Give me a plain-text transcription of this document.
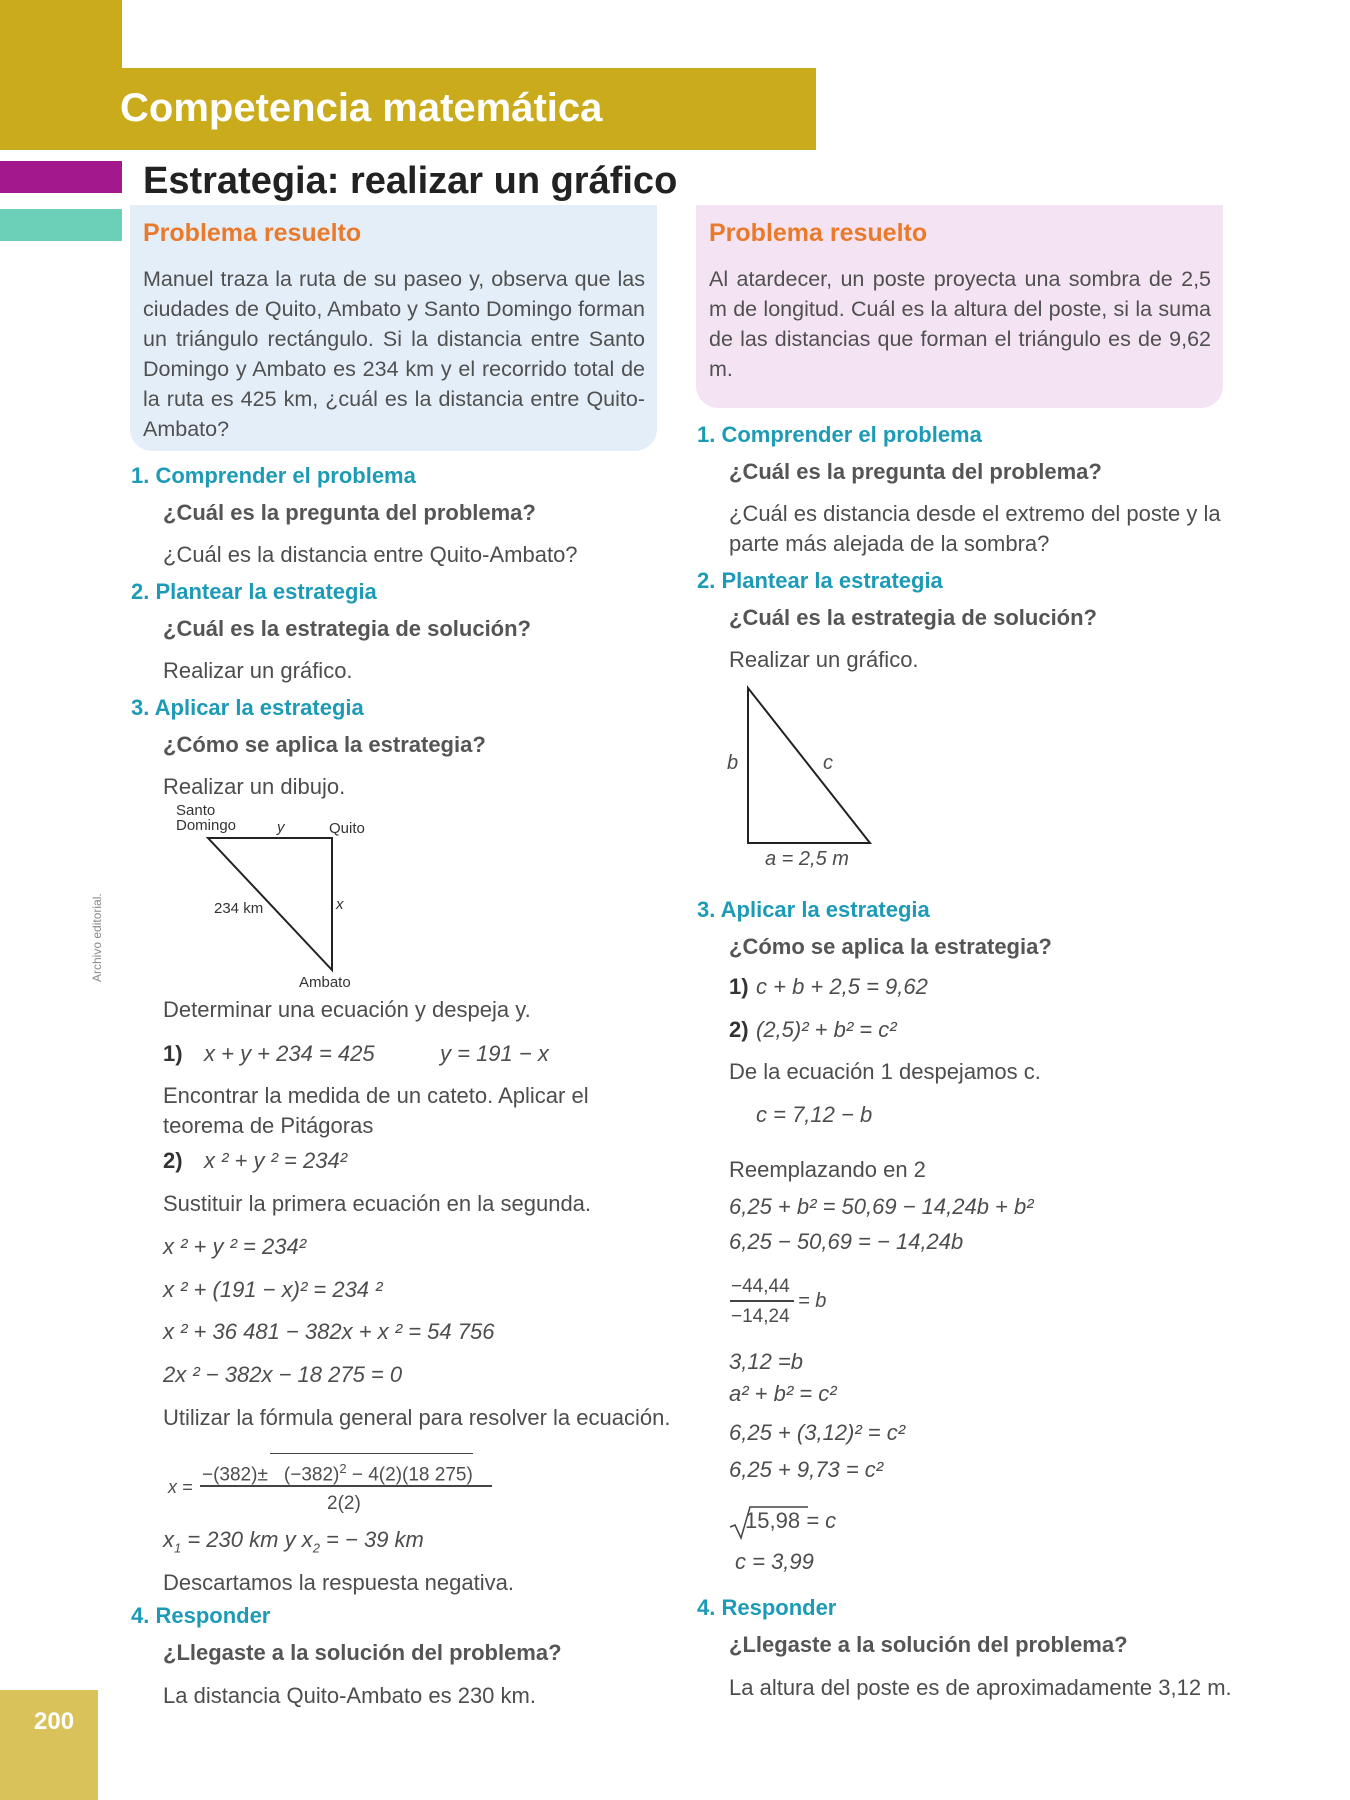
Competencia matemática
Estrategia: realizar un gráfico
Problema resuelto
Manuel traza la ruta de su paseo y, observa que las ciudades de Quito, Ambato y Santo Domingo forman un triángulo rectángulo. Si la distancia entre Santo Domingo y Ambato es 234 km y el recorrido total de la ruta es 425 km, ¿cuál es la distancia entre Quito-Ambato?
Problema resuelto
Al atardecer, un poste proyecta una sombra de 2,5 m de longitud. Cuál es la altura del poste, si la suma de las distancias que forman el triángulo es de 9,62 m.
1. Comprender el problema
¿Cuál es la pregunta del problema?
¿Cuál es la distancia entre Quito-Ambato?
2. Plantear la estrategia
¿Cuál es la estrategia de solución?
Realizar un gráfico.
3. Aplicar la estrategia
¿Cómo se aplica la estrategia?
Realizar un dibujo.
Santo
Domingo	y	Quito
234 km	x
Ambato
Determinar una ecuación y despeja y.
1) x + y + 234 = 425	y = 191 − x
Encontrar la medida de un cateto. Aplicar el teorema de Pitágoras
2) x ² + y ² = 234²
Sustituir la primera ecuación en la segunda.
x ² + y ² = 234²
x ² + (191 − x)² = 234 ²
x ² + 36 481 − 382x + x ² = 54 756
2x ² − 382x − 18 275 = 0
Utilizar la fórmula general para resolver la ecuación.
x =
$-(382)\pm (-382)^2 - 4(2)(18$ 275)
2(2)
$x_1 = 230$ km y $x_2$ = − 39 km
Descartamos la respuesta negativa.
4. Responder
¿Llegaste a la solución del problema?
La distancia Quito-Ambato es 230 km.
1. Comprender el problema
¿Cuál es la pregunta del problema?
¿Cuál es distancia desde el extremo del poste y la parte más alejada de la sombra?
2. Plantear la estrategia
¿Cuál es la estrategia de solución?
Realizar un gráfico.
b	c
a = 2,5 m
3. Aplicar la estrategia
¿Cómo se aplica la estrategia?
1) c + b + 2,5 = 9,62
2) (2,5)² + b² = c²
De la ecuación 1 despejamos c.
c = 7,12 − b
Reemplazando en 2
6,25 + b² = 50,69 − 14,24b + b²
6,25 − 50,69 = − 14,24b
−44,44
−14,24
= b
3,12 =b
a² + b² = c²
6,25 + (3,12)² = c²
6,25 + 9,73 = c²
15,98 = c
c = 3,99
4. Responder
¿Llegaste a la solución del problema?
La altura del poste es de aproximadamente 3,12 m.
Archivo editorial.
200
